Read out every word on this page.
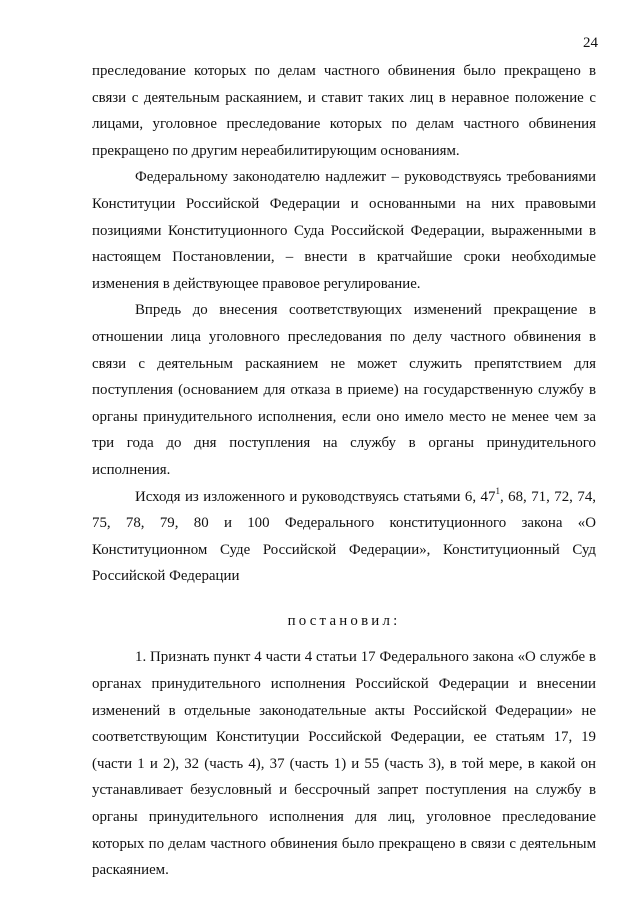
24

преследование которых по делам частного обвинения было прекращено в связи с деятельным раскаянием, и ставит таких лиц в неравное положение с лицами, уголовное преследование которых по делам частного обвинения прекращено по другим нереабилитирующим основаниям.

Федеральному законодателю надлежит – руководствуясь требованиями Конституции Российской Федерации и основанными на них правовыми позициями Конституционного Суда Российской Федерации, выраженными в настоящем Постановлении, – внести в кратчайшие сроки необходимые изменения в действующее правовое регулирование.

Впредь до внесения соответствующих изменений прекращение в отношении лица уголовного преследования по делу частного обвинения в связи с деятельным раскаянием не может служить препятствием для поступления (основанием для отказа в приеме) на государственную службу в органы принудительного исполнения, если оно имело место не менее чем за три года до дня поступления на службу в органы принудительного исполнения.

Исходя из изложенного и руководствуясь статьями 6, $47^1$, 68, 71, 72, 74, 75, 78, 79, 80 и 100 Федерального конституционного закона «О Конституционном Суде Российской Федерации», Конституционный Суд Российской Федерации

постановил:

1. Признать пункт 4 части 4 статьи 17 Федерального закона «О службе в органах принудительного исполнения Российской Федерации и внесении изменений в отдельные законодательные акты Российской Федерации» не соответствующим Конституции Российской Федерации, ее статьям 17, 19 (части 1 и 2), 32 (часть 4), 37 (часть 1) и 55 (часть 3), в той мере, в какой он устанавливает безусловный и бессрочный запрет поступления на службу в органы принудительного исполнения для лиц, уголовное преследование которых по делам частного обвинения было прекращено в связи с деятельным раскаянием.
